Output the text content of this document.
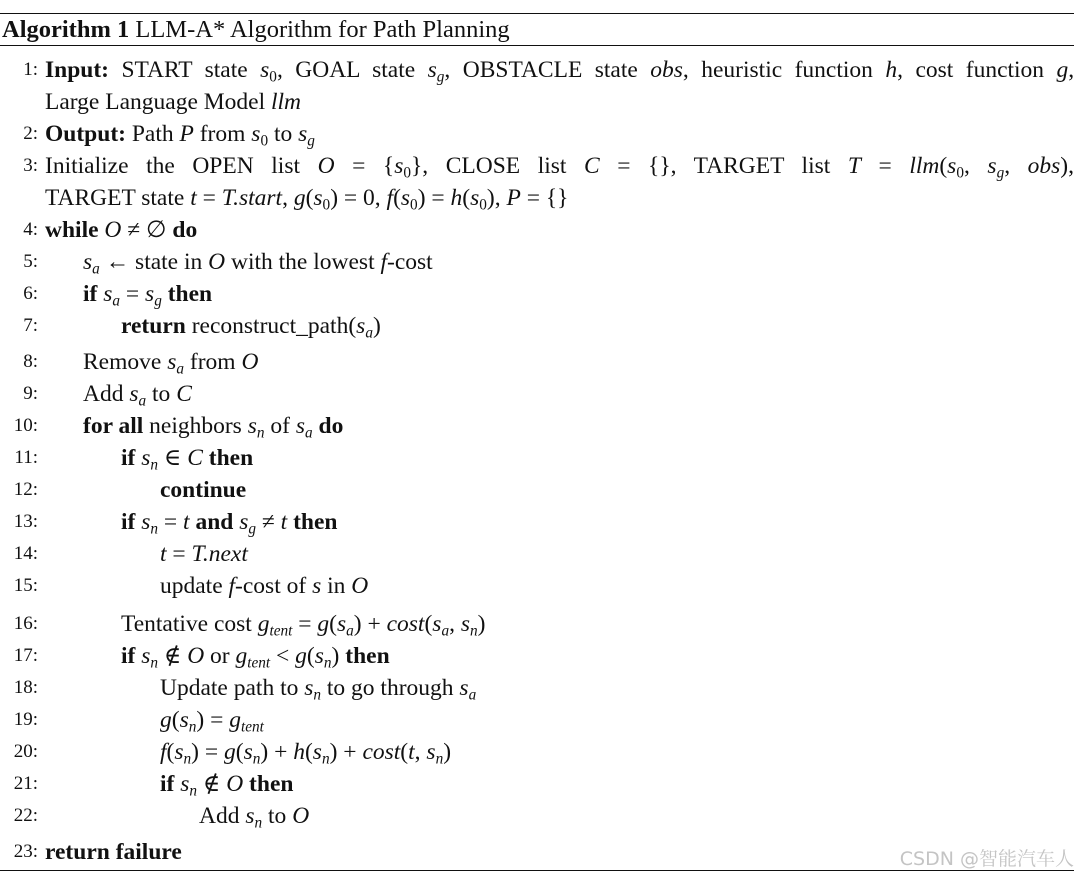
Algorithm 1 LLM-A* Algorithm for Path Planning
1: Input: START state $s_0$, GOAL state $s_g$, OBSTACLE state obs, heuristic function h, cost function g,
Large Language Model llm
2: Output: Path P from $s_0$ to $s_g$
3: Initialize the OPEN list $O = \{s_0\}$, CLOSE list C = {}, TARGET list $T = llm(s_0$, $s_g$, obs),
TARGET state t = T.start, $g(s_0) = 0$, $f(s_0) = h(s_0)$, P = {}
4: while O ≠ ∅ do
5: $s_a$ ← state in O with the lowest f-cost
6: if $s_a = s_g$ then
7:	return $reconstruct\_path(s_a)$
8: Remove $s_a$ from O
9: Add $s_a$ to C
10: for all neighbors $s_n$ of $s_a$ do
11:	if $s_n$ ∈ C then
12:	continue
13:	if $s_n = t$ and $s_g \ne t$ then
14:	t = T.next
15:	update f-cost of s in O
16:	Tentative cost $g_{tent} = g(s_a) + \cos t(s_a$, $s_n$)
17:	if $s_n$ ∉ O or $g_{tent} < g(s_n)$ then
18:	Update path to $s_n$ to go through $s_a$
19:	$g(s_n) = g_{tent}$
20:	$f(s_n) = g(s_n) + h(s_n) + \cos t(t$, $s_n$)
21:	if $s_n$ ∉ O then
22:	Add $s_n$ to O
23: return failure	CSDN @智能汽车人
